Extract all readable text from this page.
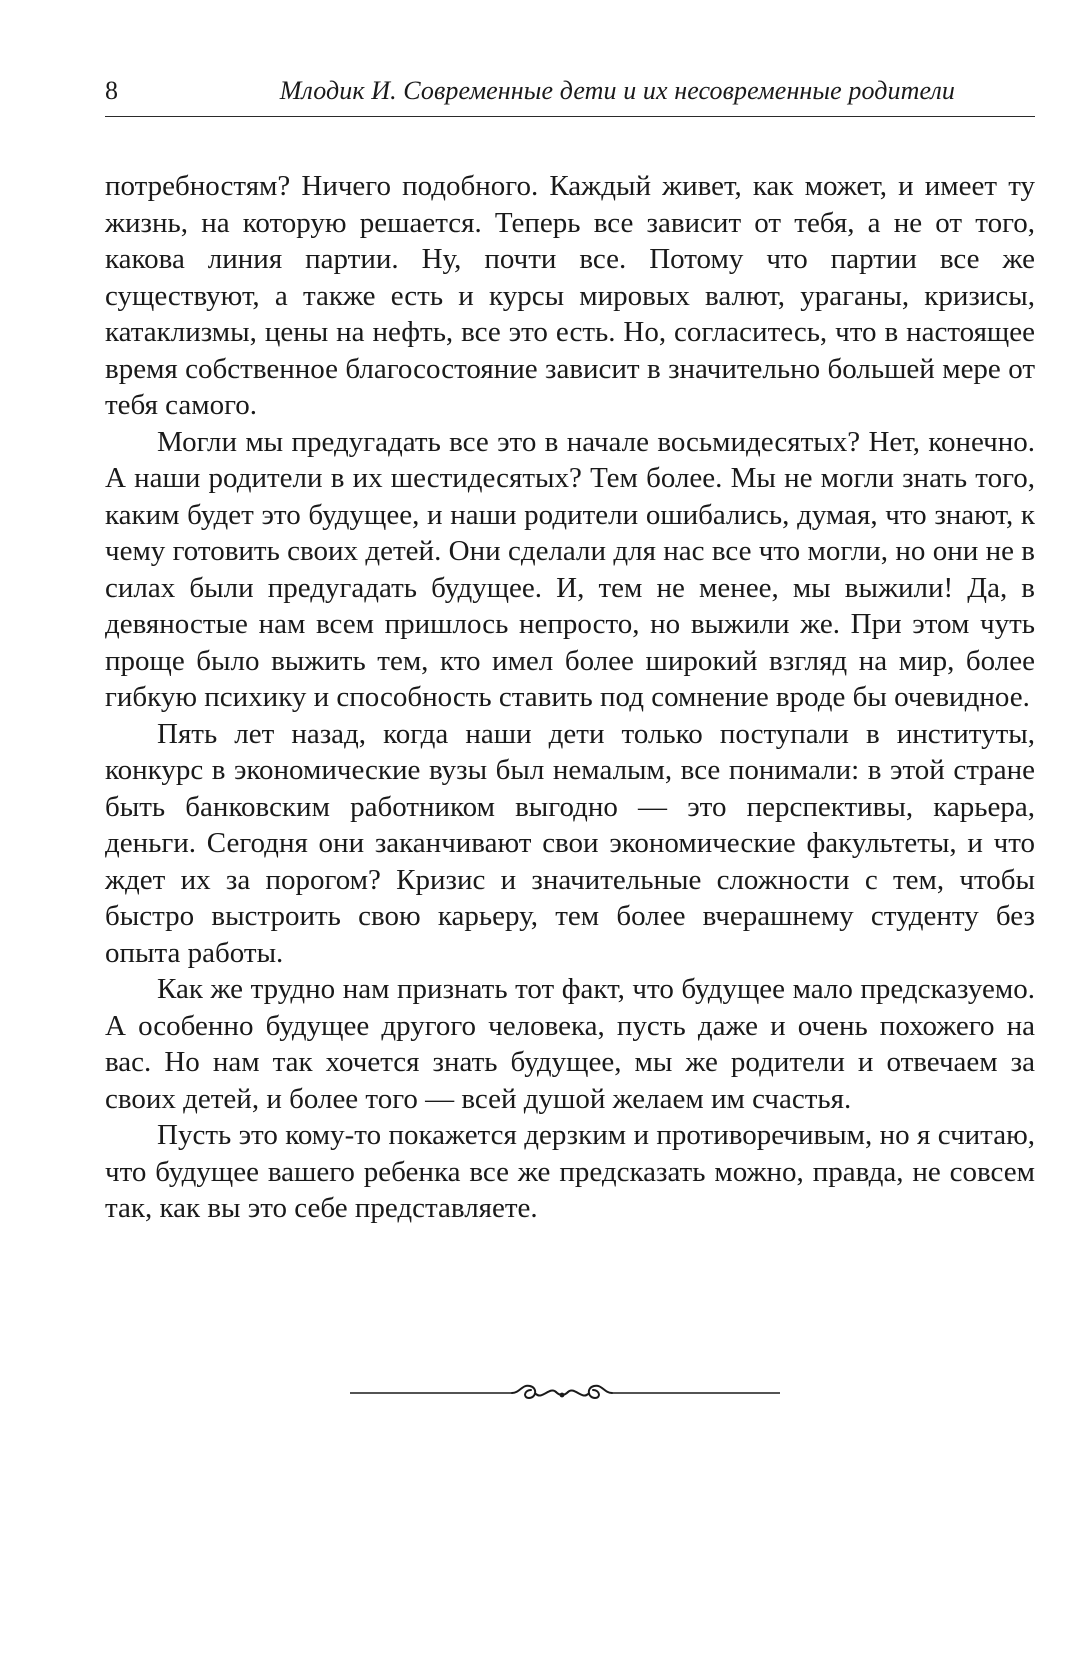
8	Млодик И. Современные дети и их несовременные родители

потребностям? Ничего подобного. Каждый живет, как может, и имеет ту жизнь, на которую решается. Теперь все зависит от тебя, а не от того, какова линия партии. Ну, почти все. Потому что партии все же существуют, а также есть и курсы мировых валют, ураганы, кризисы, катаклизмы, цены на нефть, все это есть. Но, согласитесь, что в настоящее время собственное благосостояние зависит в значительно большей мере от тебя самого.

Могли мы предугадать все это в начале восьмидесятых? Нет, конечно. А наши родители в их шестидесятых? Тем более. Мы не могли знать того, каким будет это будущее, и наши родители ошибались, думая, что знают, к чему готовить своих детей. Они сделали для нас все что могли, но они не в силах были предугадать будущее. И, тем не менее, мы выжили! Да, в девяностые нам всем пришлось непросто, но выжили же. При этом чуть проще было выжить тем, кто имел более широкий взгляд на мир, более гибкую психику и способность ставить под сомнение вроде бы очевидное.

Пять лет назад, когда наши дети только поступали в институты, конкурс в экономические вузы был немалым, все понимали: в этой стране быть банковским работником выгодно — это перспективы, карьера, деньги. Сегодня они заканчивают свои экономические факультеты, и что ждет их за порогом? Кризис и значительные сложности с тем, чтобы быстро выстроить свою карьеру, тем более вчерашнему студенту без опыта работы.

Как же трудно нам признать тот факт, что будущее мало предсказуемо. А особенно будущее другого человека, пусть даже и очень похожего на вас. Но нам так хочется знать будущее, мы же родители и отвечаем за своих детей, и более того — всей душой желаем им счастья.

Пусть это кому-то покажется дерзким и противоречивым, но я считаю, что будущее вашего ребенка все же предсказать можно, правда, не совсем так, как вы это себе представляете.
